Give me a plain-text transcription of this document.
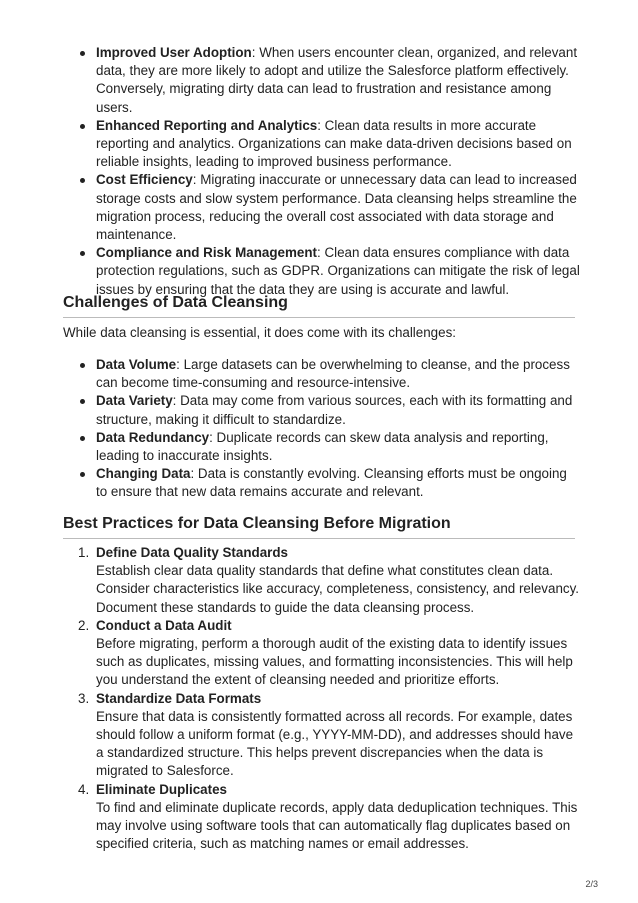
Improved User Adoption: When users encounter clean, organized, and relevant data, they are more likely to adopt and utilize the Salesforce platform effectively. Conversely, migrating dirty data can lead to frustration and resistance among users.
Enhanced Reporting and Analytics: Clean data results in more accurate reporting and analytics. Organizations can make data-driven decisions based on reliable insights, leading to improved business performance.
Cost Efficiency: Migrating inaccurate or unnecessary data can lead to increased storage costs and slow system performance. Data cleansing helps streamline the migration process, reducing the overall cost associated with data storage and maintenance.
Compliance and Risk Management: Clean data ensures compliance with data protection regulations, such as GDPR. Organizations can mitigate the risk of legal issues by ensuring that the data they are using is accurate and lawful.
Challenges of Data Cleansing

While data cleansing is essential, it does come with its challenges:

Data Volume: Large datasets can be overwhelming to cleanse, and the process can become time-consuming and resource-intensive.
Data Variety: Data may come from various sources, each with its formatting and structure, making it difficult to standardize.
Data Redundancy: Duplicate records can skew data analysis and reporting, leading to inaccurate insights.
Changing Data: Data is constantly evolving. Cleansing efforts must be ongoing to ensure that new data remains accurate and relevant.
Best Practices for Data Cleansing Before Migration
1. Define Data Quality Standards
Establish clear data quality standards that define what constitutes clean data. Consider characteristics like accuracy, completeness, consistency, and relevancy. Document these standards to guide the data cleansing process.
2. Conduct a Data Audit
Before migrating, perform a thorough audit of the existing data to identify issues such as duplicates, missing values, and formatting inconsistencies. This will help you understand the extent of cleansing needed and prioritize efforts.
3. Standardize Data Formats
Ensure that data is consistently formatted across all records. For example, dates should follow a uniform format (e.g., YYYY-MM-DD), and addresses should have a standardized structure. This helps prevent discrepancies when the data is migrated to Salesforce.
4. Eliminate Duplicates
To find and eliminate duplicate records, apply data deduplication techniques. This may involve using software tools that can automatically flag duplicates based on specified criteria, such as matching names or email addresses.
2/3
